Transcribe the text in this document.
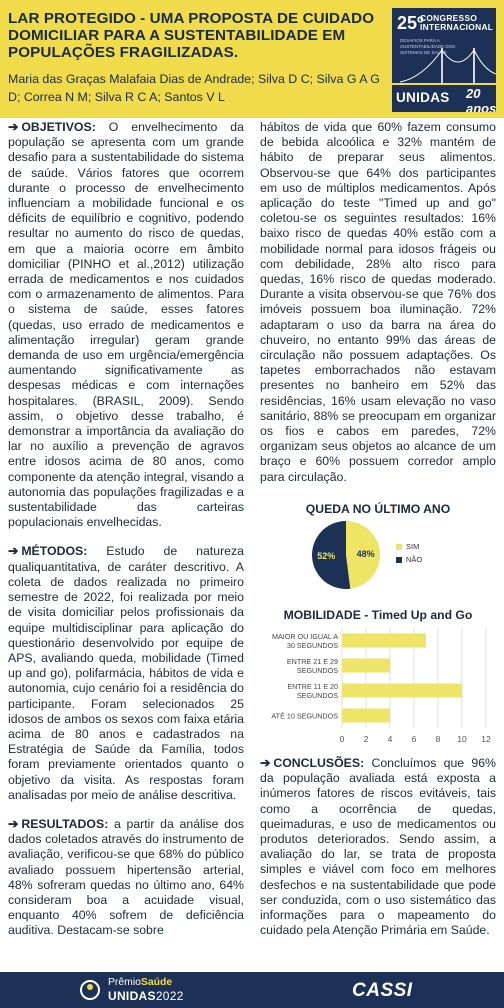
LAR PROTEGIDO - UMA PROPOSTA DE CUIDADO DOMICILIAR PARA A SUSTENTABILIDADE EM POPULAÇÕES FRAGILIZADAS.
Maria das Graças Malafaia Dias de Andrade; Silva D C; Silva G A G D; Correa N M; Silva R C A; Santos V L
25º
CONGRESSO
INTERNACIONAL
DESAFIOS PARA A SUSTENTABILIDADE DOS SISTEMAS DE SAÚDE
UNIDAS 20 anos
➔ OBJETIVOS: O envelhecimento da população se apresenta com um grande desafio para a sustentabilidade do sistema de saúde. Vários fatores que ocorrem durante o processo de envelhecimento influenciam a mobilidade funcional e os déficits de equilíbrio e cognitivo, podendo resultar no aumento do risco de quedas, em que a maioria ocorre em âmbito domiciliar (PINHO et al.,2012) utilização errada de medicamentos e nos cuidados com o armazenamento de alimentos. Para o sistema de saúde, esses fatores (quedas, uso errado de medicamentos e alimentação irregular) geram grande demanda de uso em urgência/emergência aumentando significativamente as despesas médicas e com internações hospitalares. (BRASIL, 2009). Sendo assim, o objetivo desse trabalho, é demonstrar a importância da avaliação do lar no auxílio a prevenção de agravos entre idosos acima de 80 anos, como componente da atenção integral, visando a autonomia das populações fragilizadas e a sustentabilidade das carteiras populacionais envelhecidas.
➔ MÉTODOS: Estudo de natureza qualiquantitativa, de caráter descritivo. A coleta de dados realizada no primeiro semestre de 2022, foi realizada por meio de visita domiciliar pelos profissionais da equipe multidisciplinar para aplicação do questionário desenvolvido por equipe de APS, avaliando queda, mobilidade (Timed up and go), polifarmácia, hábitos de vida e autonomia, cujo cenário foi a residência do participante. Foram selecionados 25 idosos de ambos os sexos com faixa etária acima de 80 anos e cadastrados na Estratégia de Saúde da Família, todos foram previamente orientados quanto o objetivo da visita. As respostas foram analisadas por meio de análise descritiva.
➔ RESULTADOS: a partir da análise dos dados coletados através do instrumento de avaliação, verificou-se que 68% do público avaliado possuem hipertensão arterial, 48% sofreram quedas no último ano, 64% consideram boa a acuidade visual, enquanto 40% sofrem de deficiência auditiva. Destacam-se sobre
hábitos de vida que 60% fazem consumo de bebida alcoólica e 32% mantém de hábito de preparar seus alimentos. Observou-se que 64% dos participantes em uso de múltiplos medicamentos. Após aplicação do teste "Timed up and go" coletou-se os seguintes resultados: 16% baixo risco de quedas 40% estão com a mobilidade normal para idosos frágeis ou com debilidade, 28% alto risco para quedas, 16% risco de quedas moderado. Durante a visita observou-se que 76% dos imóveis possuem boa iluminação. 72% adaptaram o uso da barra na área do chuveiro, no entanto 99% das áreas de circulação não possuem adaptações. Os tapetes emborrachados não estavam presentes no banheiro em 52% das residências, 16% usam elevação no vaso sanitário, 88% se preocupam em organizar os fios e cabos em paredes, 72% organizam seus objetos ao alcance de um braço e 60% possuem corredor amplo para circulação.
QUEDA NO ÚLTIMO ANO
48%
52%
SIM
NÃO
MOBILIDADE - Timed Up and Go
0 2 4 6 8 10 12
MAIOR OU IGUAL A 30 SEGUNDOS
ENTRE 21 E 29 SEGUNDOS
ENTRE 11 E 20 SEGUNDOS
ATÉ 10 SEGUNDOS
➔ CONCLUSÕES: Concluímos que 96% da população avaliada está exposta a inúmeros fatores de riscos evitáveis, tais como a ocorrência de quedas, queimaduras, e uso de medicamentos ou produtos deteriorados. Sendo assim, a avaliação do lar, se trata de proposta simples e viável com foco em melhores desfechos e na sustentabilidade que pode ser conduzida, com o uso sistemático das informações para o mapeamento do cuidado pela Atenção Primária em Saúde.
PrêmioSaúde
UNIDAS2022	CASSI
